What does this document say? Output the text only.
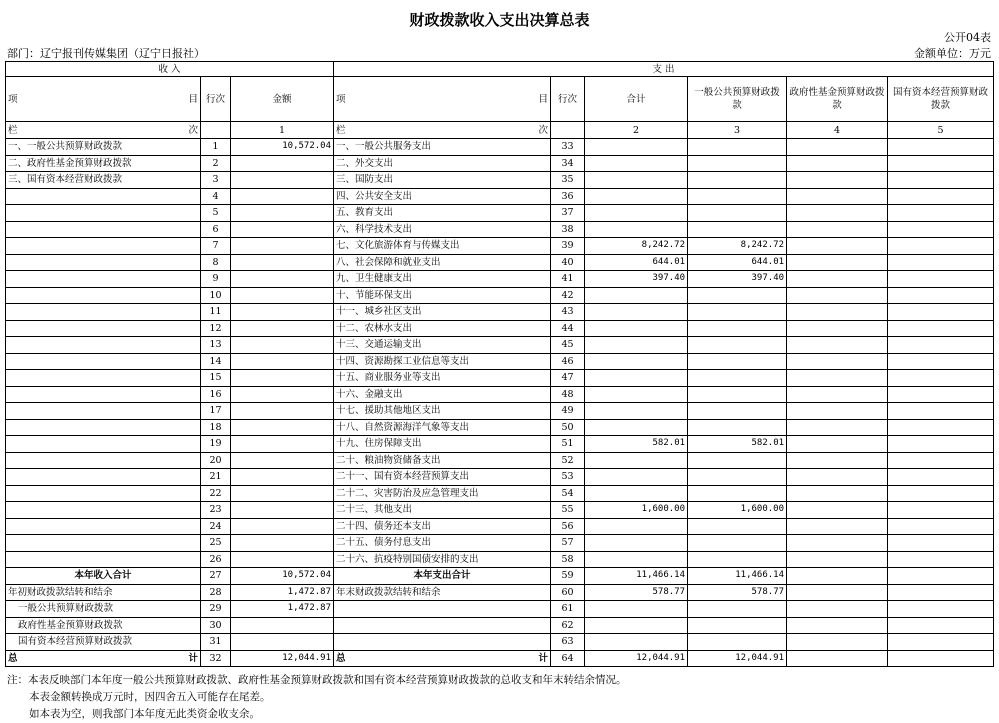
财政拨款收入支出决算总表
公开04表
部门：辽宁报刊传媒集团（辽宁日报社）	金额单位：万元
收 入			支 出					

项 目	行次	金额	项 目	行次	合计	一般公共预算财政拨款	政府性基金预算财政拨款	国有资本经营预算财政拨款

栏 次		1	栏 次		2	3	4	5
一、一般公共预算财政拨款	1	10,572.04	一、一般公共服务支出	33				
二、政府性基金预算财政拨款	2		二、外交支出	34				
三、国有资本经营财政拨款	3		三、国防支出	35				
	4		四、公共安全支出	36				
	5		五、教育支出	37				
	6		六、科学技术支出	38				
	7		七、文化旅游体育与传媒支出	39	8,242.72	8,242.72		
	8		八、社会保障和就业支出	40	644.01	644.01		
	9		九、卫生健康支出	41	397.40	397.40		
	10		十、节能环保支出	42				
	11		十一、城乡社区支出	43				
	12		十二、农林水支出	44				
	13		十三、交通运输支出	45				
	14		十四、资源勘探工业信息等支出	46				
	15		十五、商业服务业等支出	47				
	16		十六、金融支出	48				
	17		十七、援助其他地区支出	49				
	18		十八、自然资源海洋气象等支出	50				
	19		十九、住房保障支出	51	582.01	582.01		
	20		二十、粮油物资储备支出	52				
	21		二十一、国有资本经营预算支出	53				
	22		二十二、灾害防治及应急管理支出	54				
	23		二十三、其他支出	55	1,600.00	1,600.00		
	24		二十四、债务还本支出	56				
	25		二十五、债务付息支出	57				
	26		二十六、抗疫特别国债安排的支出	58				
本年收入合计	27	10,572.04	本年支出合计	59	11,466.14	11,466.14		
年初财政拨款结转和结余	28	1,472.87	年末财政拨款结转和结余	60	578.77	578.77		
一般公共预算财政拨款	29	1,472.87		61				
政府性基金预算财政拨款	30			62				
国有资本经营预算财政拨款	31			63				

总 计	32	12,044.91	总 计	64	12,044.91	12,044.91		
注：本表反映部门本年度一般公共预算财政拨款、政府性基金预算财政拨款和国有资本经营预算财政拨款的总收支和年末转结余情况。
本表金额转换成万元时，因四舍五入可能存在尾差。
如本表为空，则我部门本年度无此类资金收支余。
